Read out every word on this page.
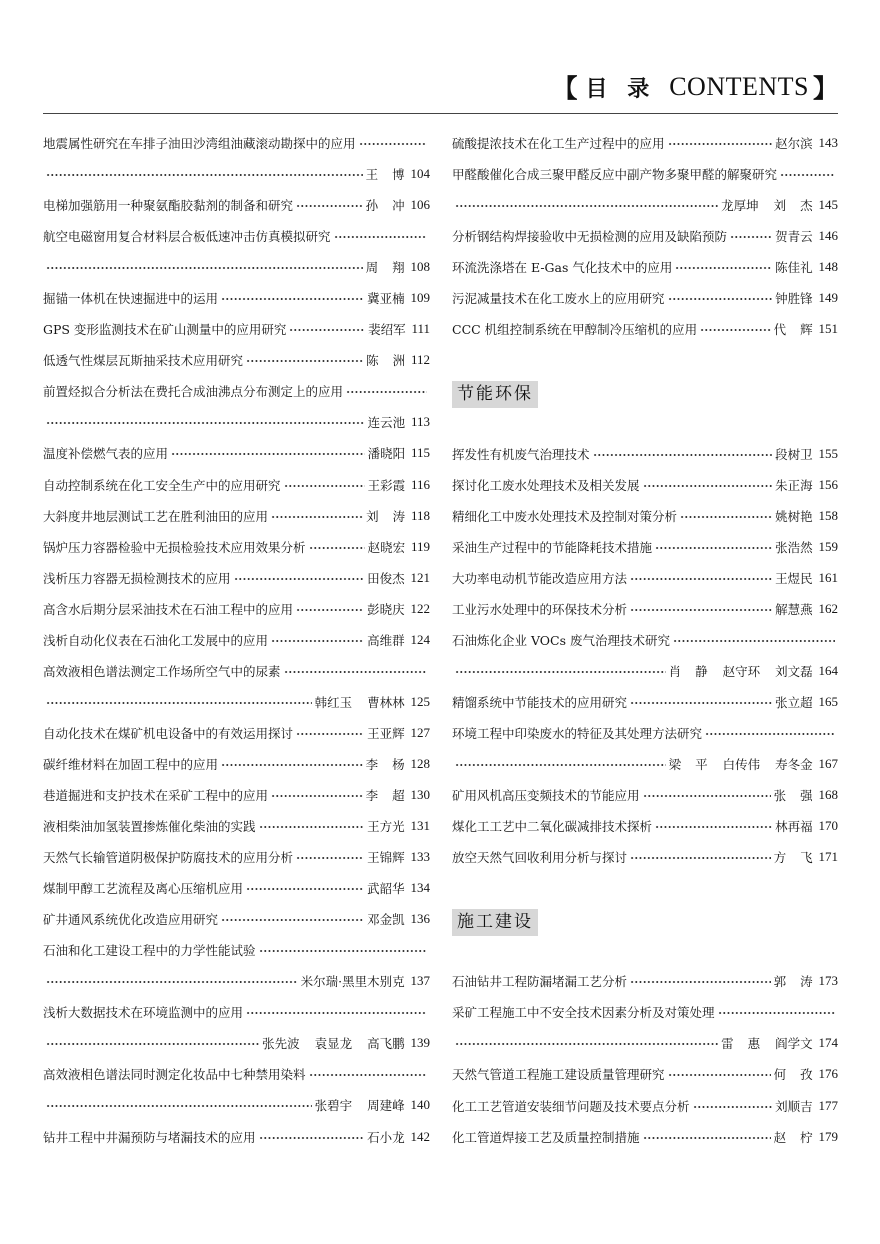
【 目 录 CONTENTS 】
地震属性研究在车排子油田沙湾组油藏滚动勘探中的应用
王 博 104
电梯加强筋用一种聚氨酯胶黏剂的制备和研究	孙 冲 106
航空电磁窗用复合材料层合板低速冲击仿真模拟研究
周 翔 108
掘锚一体机在快速掘进中的运用	冀亚楠 109
GPS 变形监测技术在矿山测量中的应用研究	裴绍军 111
低透气性煤层瓦斯抽采技术应用研究	陈 洲 112
前置烃拟合分析法在费托合成油沸点分布测定上的应用
连云池 113
温度补偿燃气表的应用	潘晓阳 115
自动控制系统在化工安全生产中的应用研究	王彩霞 116
大斜度井地层测试工艺在胜利油田的应用	刘 涛 118
锅炉压力容器检验中无损检验技术应用效果分析	赵晓宏 119
浅析压力容器无损检测技术的应用	田俊杰 121
高含水后期分层采油技术在石油工程中的应用	彭晓庆 122
浅析自动化仪表在石油化工发展中的应用	高维群 124
高效液相色谱法测定工作场所空气中的尿素
韩红玉 曹林林 125
自动化技术在煤矿机电设备中的有效运用探讨	王亚辉 127
碳纤维材料在加固工程中的应用	李 杨 128
巷道掘进和支护技术在采矿工程中的应用	李 超 130
液相柴油加氢装置掺炼催化柴油的实践	王方光 131
天然气长输管道阴极保护防腐技术的应用分析	王锦辉 133
煤制甲醇工艺流程及离心压缩机应用	武韶华 134
矿井通风系统优化改造应用研究	邓金凯 136
石油和化工建设工程中的力学性能试验
米尔瑞·黑里木别克 137
浅析大数据技术在环境监测中的应用
张先波 袁显龙 高飞鹏 139
高效液相色谱法同时测定化妆品中七种禁用染料
张碧宇 周建峰 140
钻井工程中井漏预防与堵漏技术的应用	石小龙 142
硫酸提浓技术在化工生产过程中的应用	赵尔滨 143
甲醛酸催化合成三聚甲醛反应中副产物多聚甲醛的解聚研究
龙厚坤 刘 杰 145
分析钢结构焊接验收中无损检测的应用及缺陷预防	贺青云 146
环流洗涤塔在 E-Gas 气化技术中的应用	陈佳礼 148
污泥减量技术在化工废水上的应用研究	钟胜锋 149
CCC 机组控制系统在甲醇制冷压缩机的应用	代 辉 151
节能环保
挥发性有机废气治理技术	段树卫 155
探讨化工废水处理技术及相关发展	朱正海 156
精细化工中废水处理技术及控制对策分析	姚树艳 158
采油生产过程中的节能降耗技术措施	张浩然 159
大功率电动机节能改造应用方法	王煜民 161
工业污水处理中的环保技术分析	解慧燕 162
石油炼化企业 VOCs 废气治理技术研究
肖 静 赵守环 刘文磊 164
精馏系统中节能技术的应用研究	张立超 165
环境工程中印染废水的特征及其处理方法研究
梁 平 白传伟 寿冬金 167
矿用风机高压变频技术的节能应用	张 强 168
煤化工工艺中二氧化碳减排技术探析	林再福 170
放空天然气回收利用分析与探讨	方 飞 171
施工建设
石油钻井工程防漏堵漏工艺分析	郭 涛 173
采矿工程施工中不安全技术因素分析及对策处理
雷 惠 阎学文 174
天然气管道工程施工建设质量管理研究	何 孜 176
化工工艺管道安装细节问题及技术要点分析	刘顺吉 177
化工管道焊接工艺及质量控制措施	赵 柠 179
